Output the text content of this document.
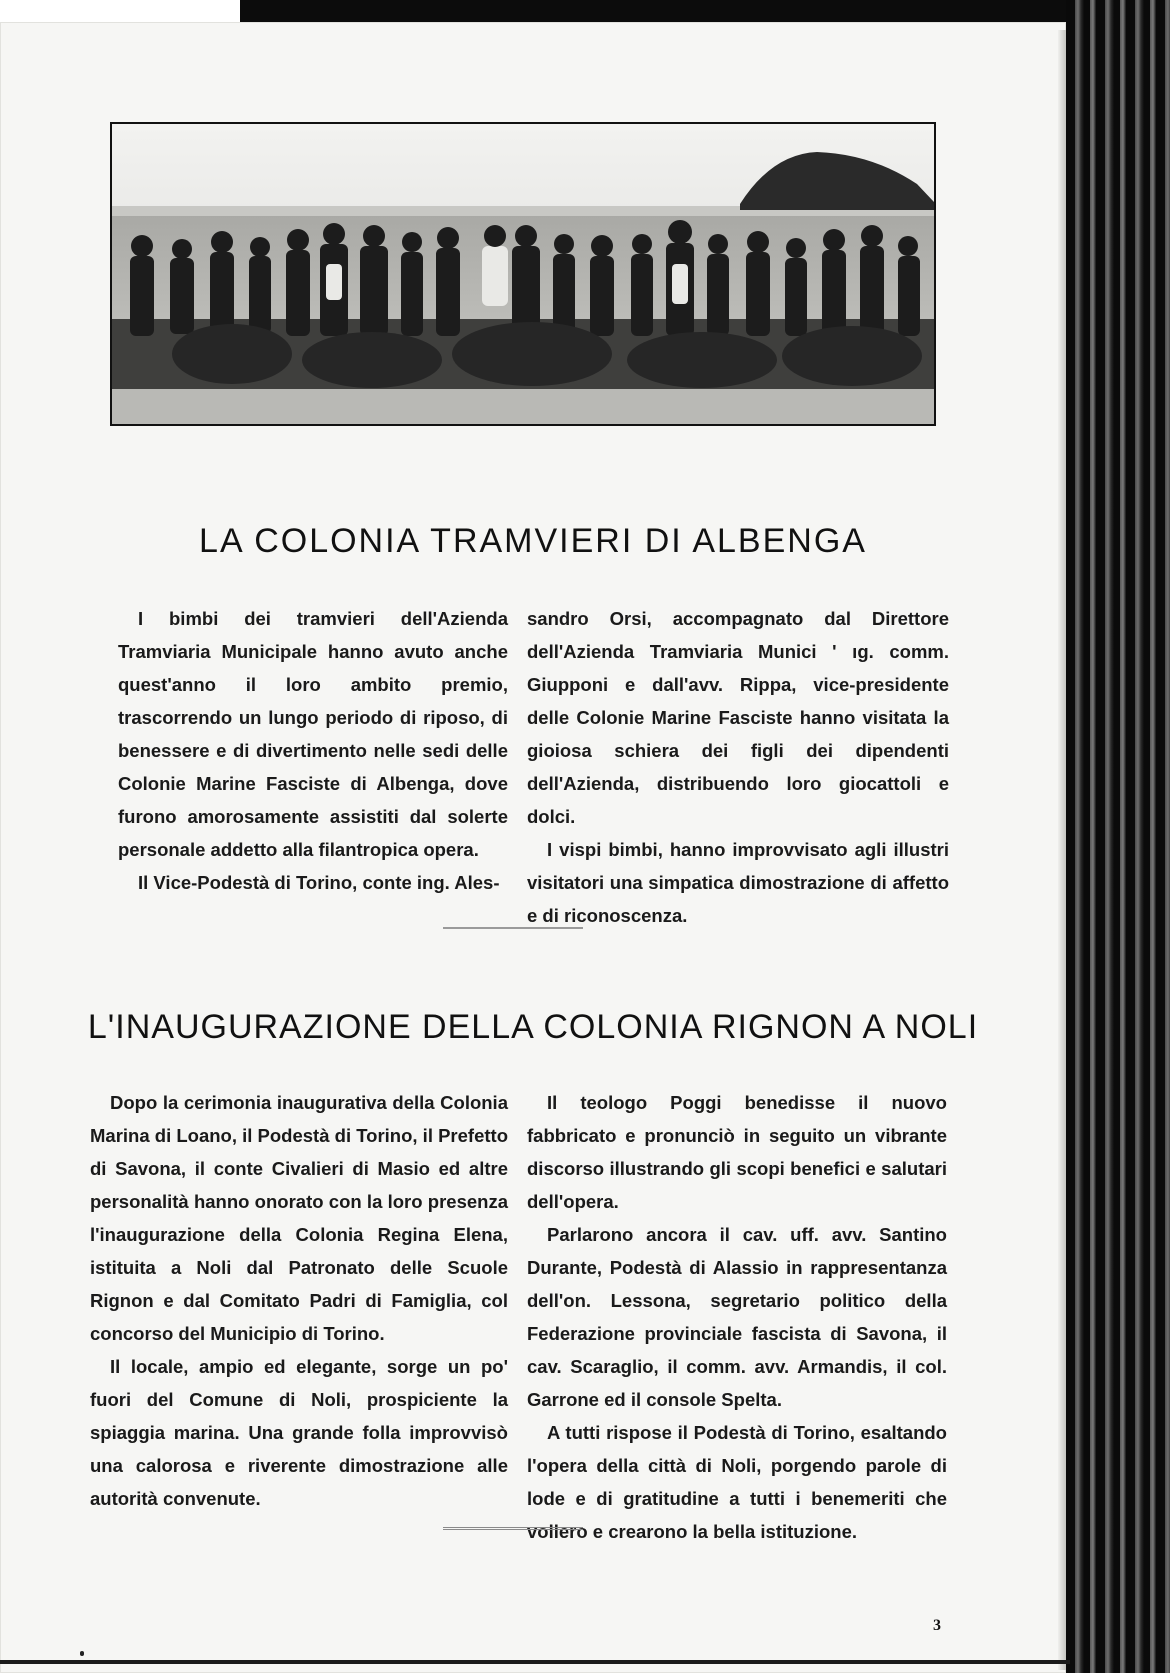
LA COLONIA TRAMVIERI DI ALBENGA

I bimbi dei tramvieri dell'Azienda Tramviaria Municipale hanno avuto anche quest'anno il loro ambito premio, trascorrendo un lungo periodo di riposo, di benessere e di divertimento nelle sedi delle Colonie Marine Fasciste di Albenga, dove furono amorosamente assistiti dal solerte personale addetto alla filantropica opera.

Il Vice-Podestà di Torino, conte ing. Ales-

sandro Orsi, accompagnato dal Direttore dell'Azienda Tramviaria Munici ' ıg. comm. Giupponi e dall'avv. Rippa, vice-presidente delle Colonie Marine Fasciste hanno visitata la gioiosa schiera dei figli dei dipendenti dell'Azienda, distribuendo loro giocattoli e dolci.

I vispi bimbi, hanno improvvisato agli illustri visitatori una simpatica dimostrazione di affetto e di riconoscenza.

L'INAUGURAZIONE DELLA COLONIA RIGNON A NOLI

Dopo la cerimonia inaugurativa della Colonia Marina di Loano, il Podestà di Torino, il Prefetto di Savona, il conte Civalieri di Masio ed altre personalità hanno onorato con la loro presenza l'inaugurazione della Colonia Regina Elena, istituita a Noli dal Patronato delle Scuole Rignon e dal Comitato Padri di Famiglia, col concorso del Municipio di Torino.

Il locale, ampio ed elegante, sorge un po' fuori del Comune di Noli, prospiciente la spiaggia marina. Una grande folla improvvisò una calorosa e riverente dimostrazione alle autorità convenute.

Il teologo Poggi benedisse il nuovo fabbricato e pronunciò in seguito un vibrante discorso illustrando gli scopi benefici e salutari dell'opera.

Parlarono ancora il cav. uff. avv. Santino Durante, Podestà di Alassio in rappresentanza dell'on. Lessona, segretario politico della Federazione provinciale fascista di Savona, il cav. Scaraglio, il comm. avv. Armandis, il col. Garrone ed il console Spelta.

A tutti rispose il Podestà di Torino, esaltando l'opera della città di Noli, porgendo parole di lode e di gratitudine a tutti i benemeriti che vollero e crearono la bella istituzione.

3
